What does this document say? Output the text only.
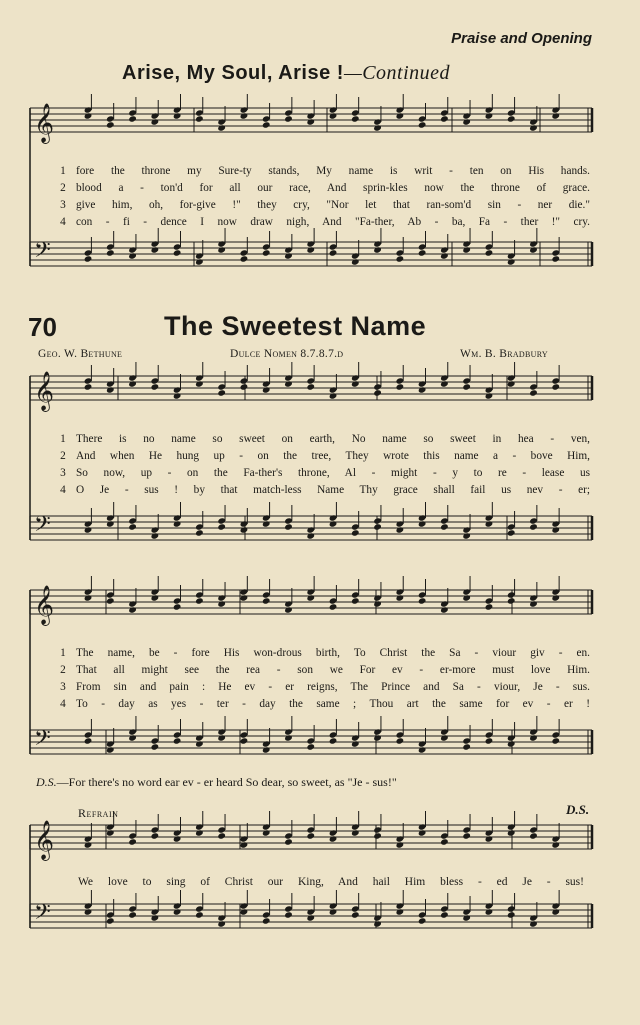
Praise and Opening
Arise, My Soul, Arise !—Continued
𝄞
𝄢
𝄞
𝄢
𝄞
𝄢
𝄞
𝄢
1 fore the throne my Sure-ty stands, My name is writ - ten on His hands.
2 blood a - ton'd for all our race, And sprin-kles now the throne of grace.
3 give him, oh, for-give !" they cry, "Nor let that ran-som'd sin - ner die."
4 con - fi - dence I now draw nigh, And "Fa-ther, Ab - ba, Fa - ther !" cry.
70	The Sweetest Name
Geo. W. Bethune	Dulce Nomen 8.7.8.7.d	Wm. B. Bradbury
1 There is no name so sweet on earth, No name so sweet in hea - ven,
2 And when He hung up - on the tree, They wrote this name a - bove Him,
3 So now, up - on the Fa-ther's throne, Al - might - y to re - lease us
4 O Je - sus ! by that match-less Name Thy grace shall fail us nev - er;
1 The name, be - fore His won-drous birth, To Christ the Sa - viour giv - en.
2 That all might see the rea - son we For ev - er-more must love Him.
3 From sin and pain : He ev - er reigns, The Prince and Sa - viour, Je - sus.
4 To - day as yes - ter - day the same ; Thou art the same for ev - er !
D.S.—For there's no word ear ev - er heard So dear, so sweet, as "Je - sus!"
Refrain	D.S.
We love to sing of Christ our King, And hail Him bless - ed Je - sus!
